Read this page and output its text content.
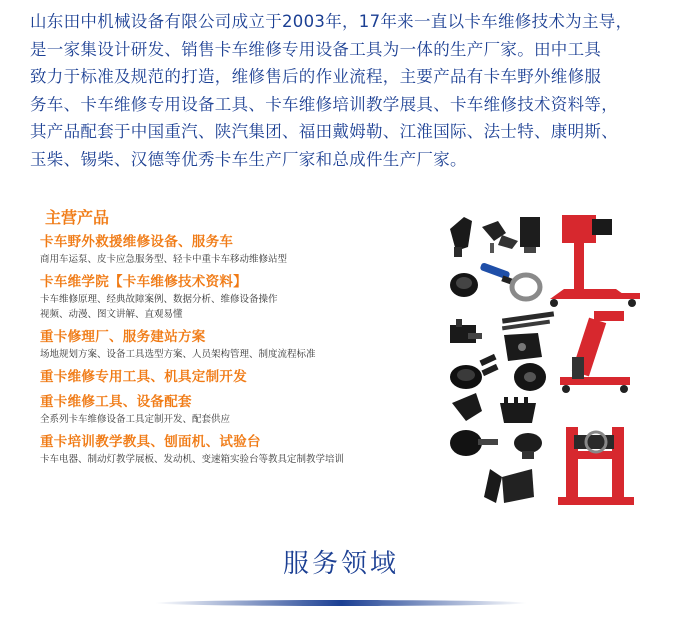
山东田中机械设备有限公司成立于2003年，17年来一直以卡车维修技术为主导，
是一家集设计研发、销售卡车维修专用设备工具为一体的生产厂家。田中工具
致力于标准及规范的打造，维修售后的作业流程，主要产品有卡车野外维修服
务车、卡车维修专用设备工具、卡车维修培训教学展具、卡车维修技术资料等，
其产品配套于中国重汽、陕汽集团、福田戴姆勒、江淮国际、法士特、康明斯、
玉柴、锡柴、汉德等优秀卡车生产厂家和总成件生产厂家。
主营产品
卡车野外救援维修设备、服务车
商用车运泵、皮卡应急服务型、轻卡中重卡车移动维修站型
卡车维学院【卡车维修技术资料】
卡车维修原理、经典故障案例、数据分析、维修设备操作
视频、动漫、图文讲解、直观易懂
重卡修理厂、服务建站方案
场地规划方案、设备工具选型方案、人员架构管理、制度流程标准
重卡维修专用工具、机具定制开发
重卡维修工具、设备配套
全系列卡车维修设备工具定制开发、配套供应
重卡培训教学教具、刨面机、试验台
卡车电器、制动灯教学展板、发动机、变速箱实验台等教具定制教学培训
服务领域
